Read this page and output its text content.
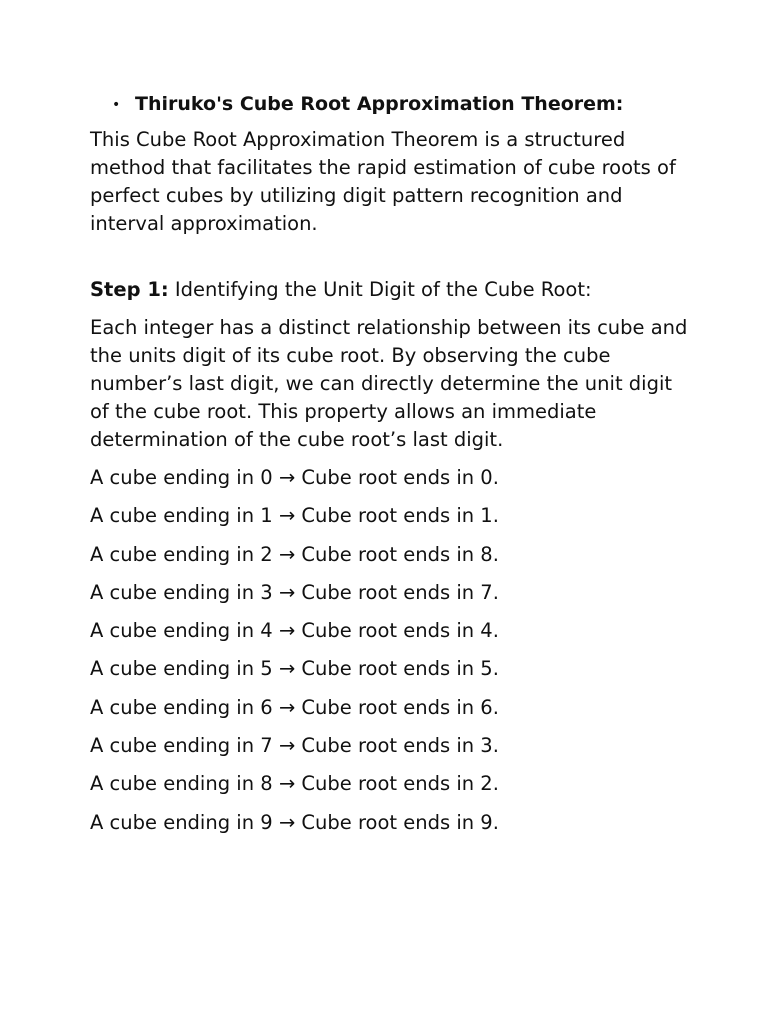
• Thiruko's Cube Root Approximation Theorem:

This Cube Root Approximation Theorem is a structured method that facilitates the rapid estimation of cube roots of perfect cubes by utilizing digit pattern recognition and interval approximation.

Step 1: Identifying the Unit Digit of the Cube Root:

Each integer has a distinct relationship between its cube and the units digit of its cube root. By observing the cube number’s last digit, we can directly determine the unit digit of the cube root. This property allows an immediate determination of the cube root’s last digit.

A cube ending in 0 → Cube root ends in 0.
A cube ending in 1 → Cube root ends in 1.
A cube ending in 2 → Cube root ends in 8.
A cube ending in 3 → Cube root ends in 7.
A cube ending in 4 → Cube root ends in 4.
A cube ending in 5 → Cube root ends in 5.
A cube ending in 6 → Cube root ends in 6.
A cube ending in 7 → Cube root ends in 3.
A cube ending in 8 → Cube root ends in 2.
A cube ending in 9 → Cube root ends in 9.
